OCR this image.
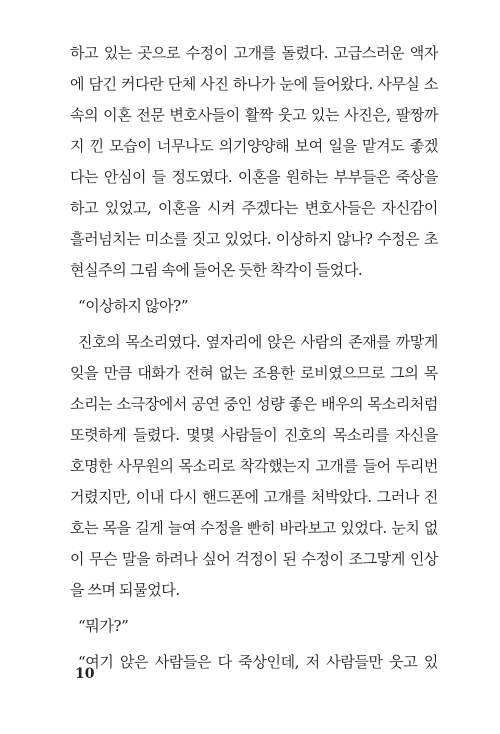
하고 있는 곳으로 수정이 고개를 돌렸다. 고급스러운 액자
에 담긴 커다란 단체 사진 하나가 눈에 들어왔다. 사무실 소
속의 이혼 전문 변호사들이 활짝 웃고 있는 사진은, 팔짱까
지 낀 모습이 너무나도 의기양양해 보여 일을 맡겨도 좋겠
다는 안심이 들 정도였다. 이혼을 원하는 부부들은 죽상을
하고 있었고, 이혼을 시켜 주겠다는 변호사들은 자신감이
흘러넘치는 미소를 짓고 있었다. 이상하지 않나? 수정은 초
현실주의 그림 속에 들어온 듯한 착각이 들었다.
“이상하지 않아?”
진호의 목소리였다. 옆자리에 앉은 사람의 존재를 까맣게
잊을 만큼 대화가 전혀 없는 조용한 로비였으므로 그의 목
소리는 소극장에서 공연 중인 성량 좋은 배우의 목소리처럼
또렷하게 들렸다. 몇몇 사람들이 진호의 목소리를 자신을
호명한 사무원의 목소리로 착각했는지 고개를 들어 두리번
거렸지만, 이내 다시 핸드폰에 고개를 처박았다. 그러나 진
호는 목을 길게 늘여 수정을 빤히 바라보고 있었다. 눈치 없
이 무슨 말을 하려나 싶어 걱정이 된 수정이 조그맣게 인상
을 쓰며 되물었다.
“뭐가?”
“여기 앉은 사람들은 다 죽상인데, 저 사람들만 웃고 있
10
